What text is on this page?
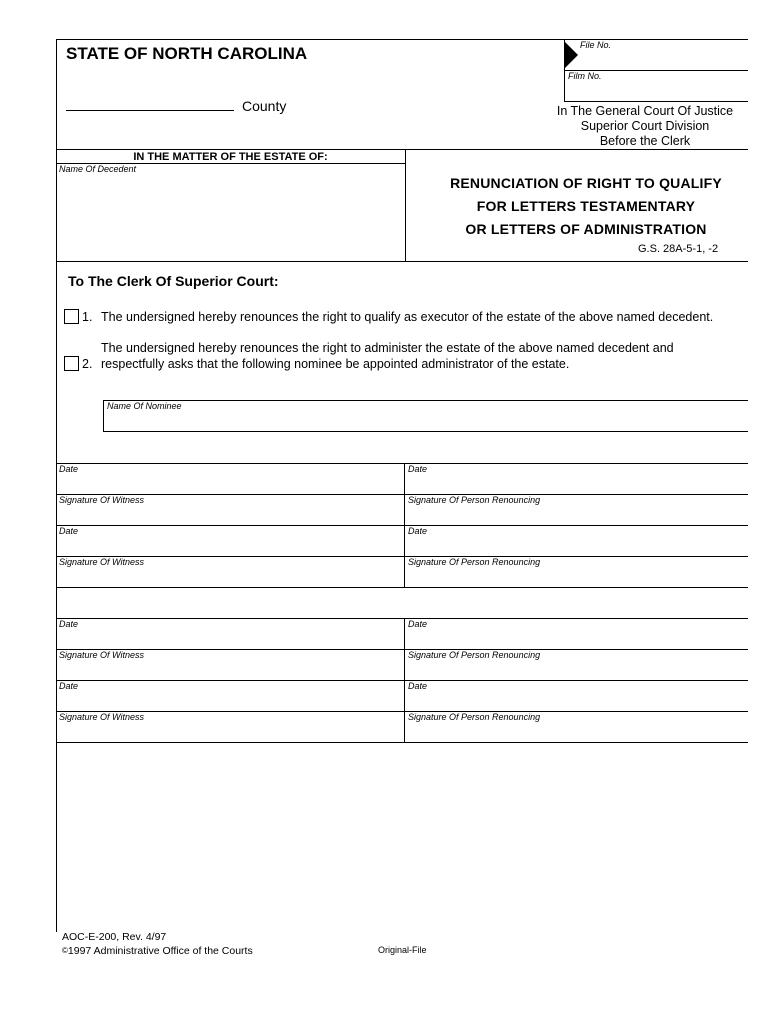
STATE OF NORTH CAROLINA	File No.
Film No.
County	In The General Court Of Justice
Superior Court Division
Before the Clerk
IN THE MATTER OF THE ESTATE OF:
Name Of Decedent
RENUNCIATION OF RIGHT TO QUALIFY
FOR LETTERS TESTAMENTARY
OR LETTERS OF ADMINISTRATION
G.S. 28A-5-1, -2
To The Clerk Of Superior Court:
1. The undersigned hereby renounces the right to qualify as executor of the estate of the above named decedent.
The undersigned hereby renounces the right to administer the estate of the above named decedent and
2. respectfully asks that the following nominee be appointed administrator of the estate.
Name Of Nominee
Date	Date
Signature Of Witness	Signature Of Person Renouncing
Date	Date
Signature Of Witness	Signature Of Person Renouncing
Date	Date
Signature Of Witness	Signature Of Person Renouncing
Date	Date
Signature Of Witness	Signature Of Person Renouncing
AOC-E-200, Rev. 4/97
©1997 Administrative Office of the Courts	Original-File
